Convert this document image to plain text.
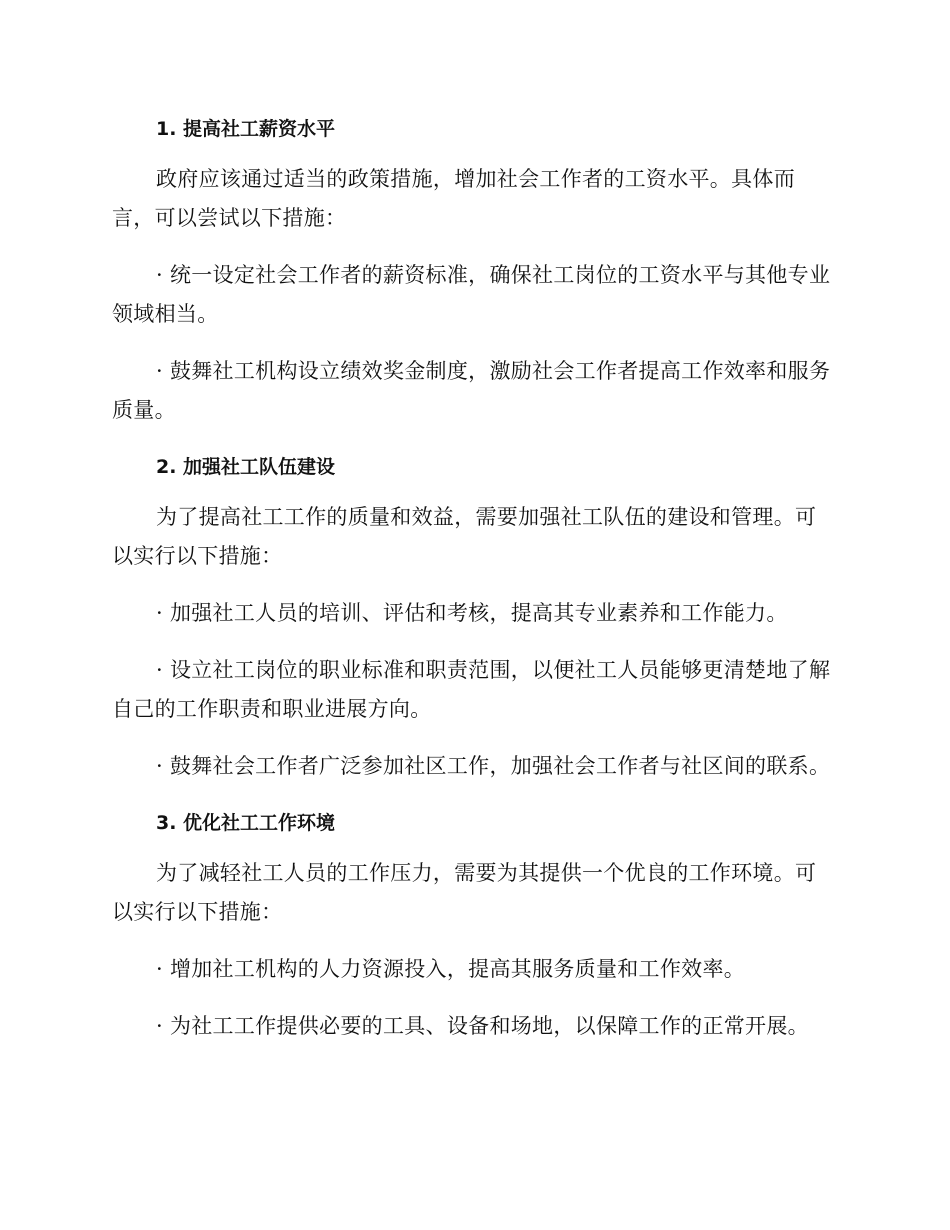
1. 提高社工薪资水平

政府应该通过适当的政策措施，增加社会工作者的工资水平。具体而言，可以尝试以下措施：

· 统一设定社会工作者的薪资标准，确保社工岗位的工资水平与其他专业领域相当。

· 鼓舞社工机构设立绩效奖金制度，激励社会工作者提高工作效率和服务质量。

2. 加强社工队伍建设

为了提高社工工作的质量和效益，需要加强社工队伍的建设和管理。可以实行以下措施：

· 加强社工人员的培训、评估和考核，提高其专业素养和工作能力。

· 设立社工岗位的职业标准和职责范围，以便社工人员能够更清楚地了解自己的工作职责和职业进展方向。

· 鼓舞社会工作者广泛参加社区工作，加强社会工作者与社区间的联系。

3. 优化社工工作环境

为了减轻社工人员的工作压力，需要为其提供一个优良的工作环境。可以实行以下措施：

· 增加社工机构的人力资源投入，提高其服务质量和工作效率。

· 为社工工作提供必要的工具、设备和场地，以保障工作的正常开展。
